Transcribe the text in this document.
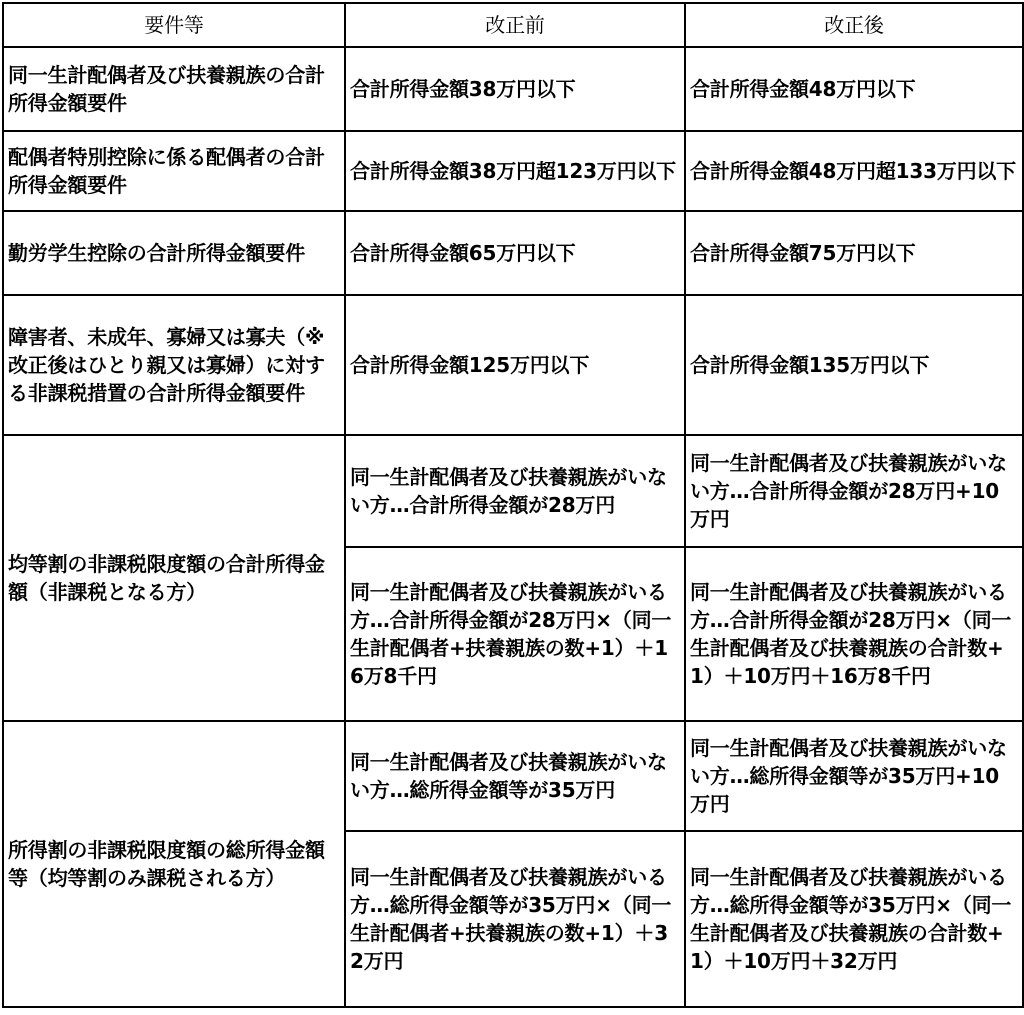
要件等	改正前	改正後
同一生計配偶者及び扶養親族の合計所得金額要件	合計所得金額38万円以下	合計所得金額48万円以下
配偶者特別控除に係る配偶者の合計所得金額要件	合計所得金額38万円超123万円以下	合計所得金額48万円超133万円以下
勤労学生控除の合計所得金額要件	合計所得金額65万円以下	合計所得金額75万円以下
障害者、未成年、寡婦又は寡夫（※改正後はひとり親又は寡婦）に対する非課税措置の合計所得金額要件	合計所得金額125万円以下	合計所得金額135万円以下
均等割の非課税限度額の合計所得金額（非課税となる方）	同一生計配偶者及び扶養親族がいない方…合計所得金額が28万円	同一生計配偶者及び扶養親族がいない方…合計所得金額が28万円+10万円
	同一生計配偶者及び扶養親族がいる方…合計所得金額が28万円×（同一生計配偶者+扶養親族の数+1）＋16万8千円	同一生計配偶者及び扶養親族がいる方…合計所得金額が28万円×（同一生計配偶者及び扶養親族の合計数+1）＋10万円＋16万8千円
所得割の非課税限度額の総所得金額等（均等割のみ課税される方）	同一生計配偶者及び扶養親族がいない方…総所得金額等が35万円	同一生計配偶者及び扶養親族がいない方…総所得金額等が35万円+10万円
	同一生計配偶者及び扶養親族がいる方…総所得金額等が35万円×（同一生計配偶者+扶養親族の数+1）＋32万円	同一生計配偶者及び扶養親族がいる方…総所得金額等が35万円×（同一生計配偶者及び扶養親族の合計数+1）＋10万円＋32万円
